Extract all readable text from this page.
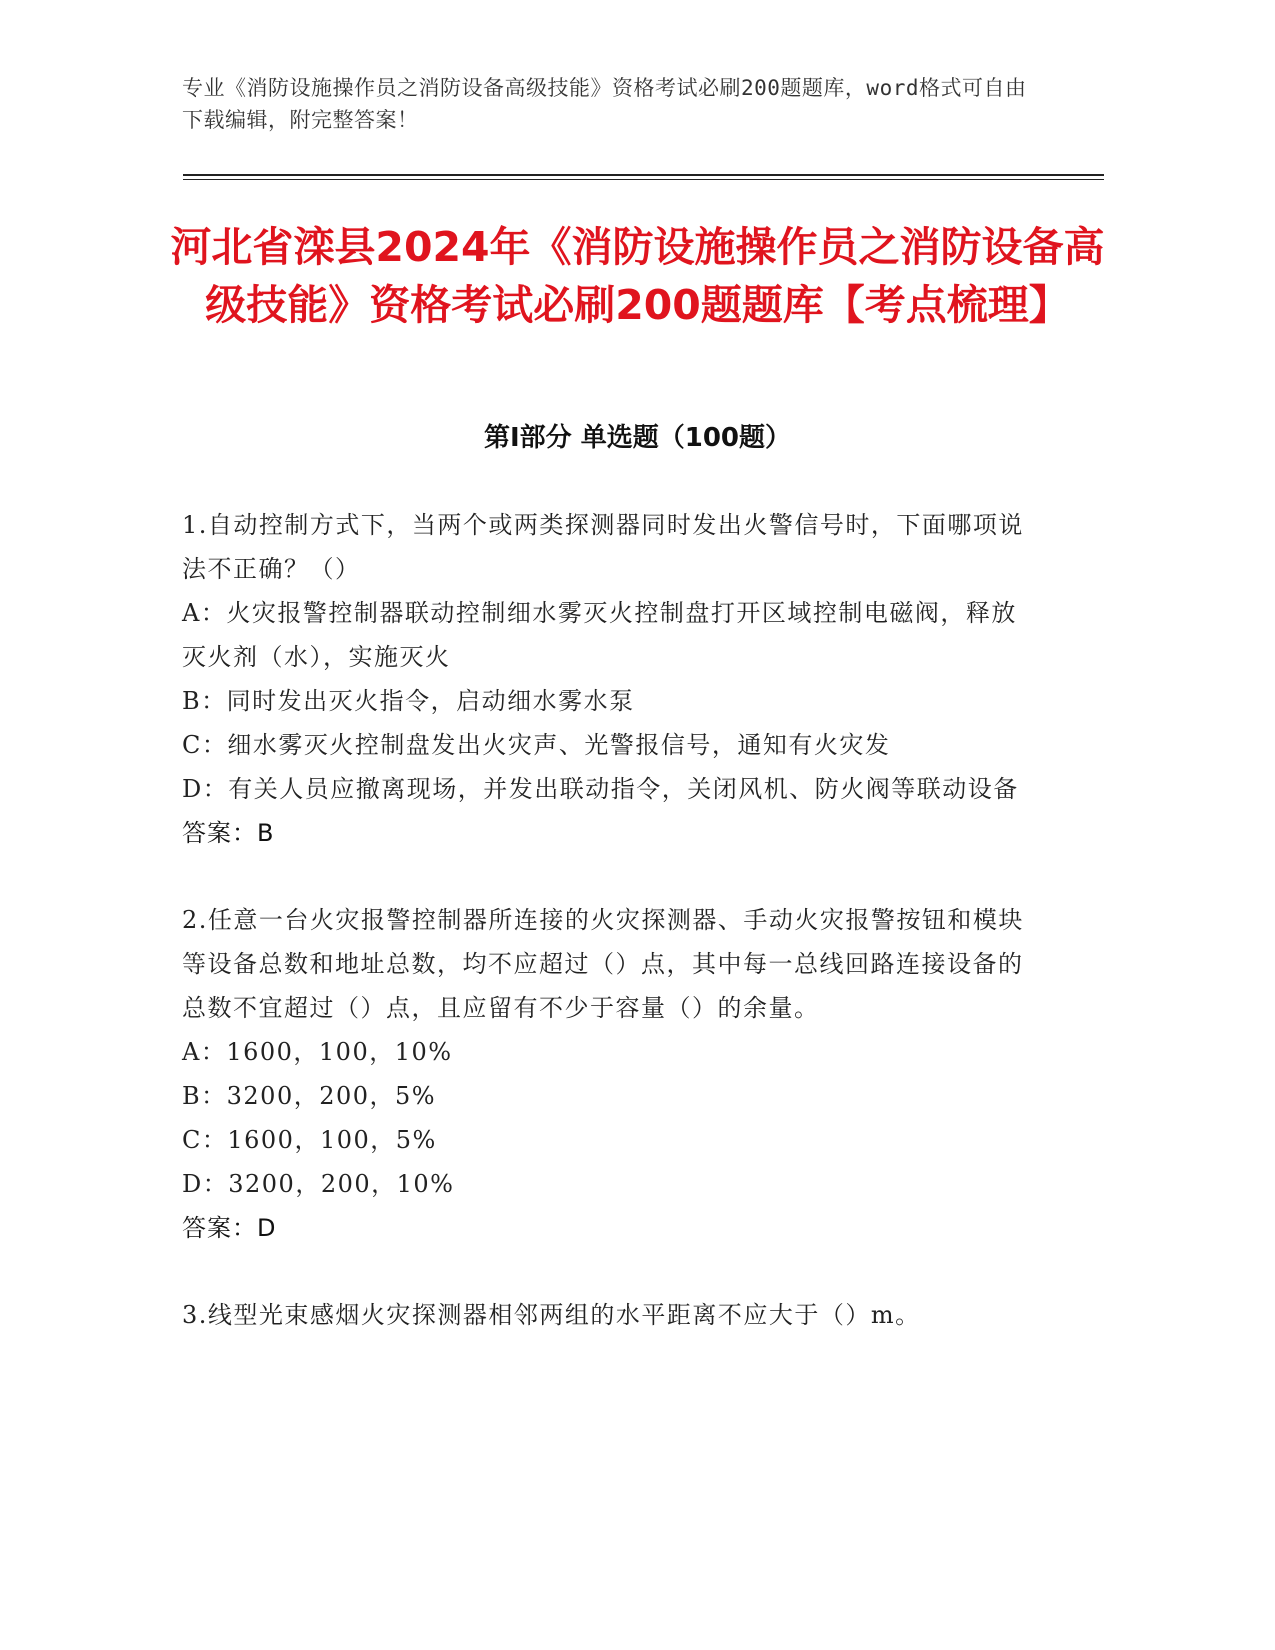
专业《消防设施操作员之消防设备高级技能》资格考试必刷200题题库，word格式可自由下载编辑，附完整答案！
河北省滦县2024年《消防设施操作员之消防设备高级技能》资格考试必刷200题题库【考点梳理】
第I部分 单选题（100题）
1.自动控制方式下，当两个或两类探测器同时发出火警信号时，下面哪项说法不正确？（）
A：火灾报警控制器联动控制细水雾灭火控制盘打开区域控制电磁阀，释放灭火剂（水），实施灭火
B：同时发出灭火指令，启动细水雾水泵
C：细水雾灭火控制盘发出火灾声、光警报信号，通知有火灾发
D：有关人员应撤离现场，并发出联动指令，关闭风机、防火阀等联动设备
答案：B
2.任意一台火灾报警控制器所连接的火灾探测器、手动火灾报警按钮和模块等设备总数和地址总数，均不应超过（）点，其中每一总线回路连接设备的总数不宜超过（）点，且应留有不少于容量（）的余量。
A：1600，100，10%
B：3200，200，5%
C：1600，100，5%
D：3200，200，10%
答案：D
3.线型光束感烟火灾探测器相邻两组的水平距离不应大于（）m。
